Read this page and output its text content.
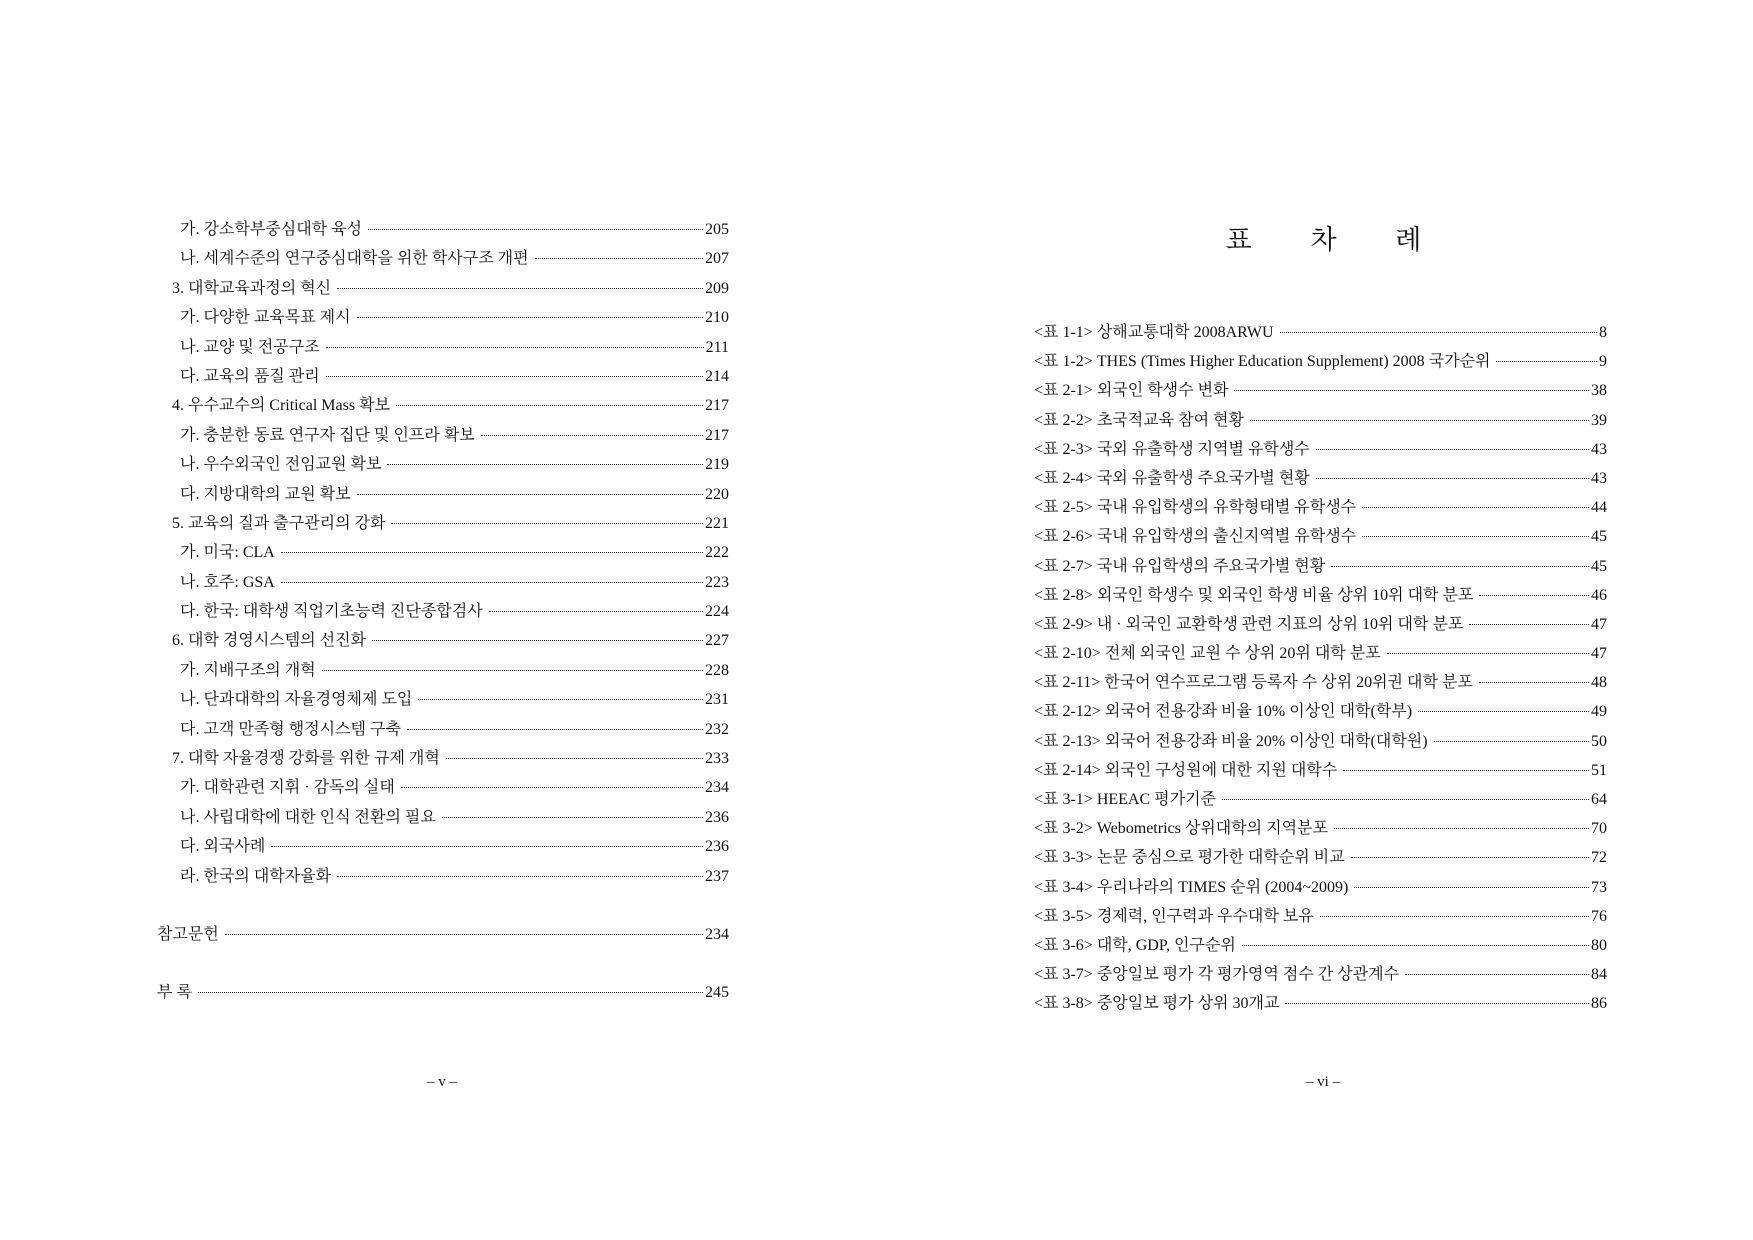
가. 강소학부중심대학 육성	205
나. 세계수준의 연구중심대학을 위한 학사구조 개편	207
3. 대학교육과정의 혁신	209
가. 다양한 교육목표 제시	210
나. 교양 및 전공구조	211
다. 교육의 품질 관리	214
4. 우수교수의 Critical Mass 확보	217
가. 충분한 동료 연구자 집단 및 인프라 확보	217
나. 우수외국인 전임교원 확보	219
다. 지방대학의 교원 확보	220
5. 교육의 질과 출구관리의 강화	221
가. 미국: CLA	222
나. 호주: GSA	223
다. 한국: 대학생 직업기초능력 진단종합검사	224
6. 대학 경영시스템의 선진화	227
가. 지배구조의 개혁	228
나. 단과대학의 자율경영체제 도입	231
다. 고객 만족형 행정시스템 구축	232
7. 대학 자율경쟁 강화를 위한 규제 개혁	233
가. 대학관련 지휘 · 감독의 실태	234
나. 사립대학에 대한 인식 전환의 필요	236
다. 외국사례	236
라. 한국의 대학자율화	237
참고문헌	234
부 록	245
– v –
표 차 례
<표 1-1> 상해교통대학 2008ARWU	8
<표 1-2> THES (Times Higher Education Supplement) 2008 국가순위	9
<표 2-1> 외국인 학생수 변화	38
<표 2-2> 초국적교육 참여 현황	39
<표 2-3> 국외 유출학생 지역별 유학생수	43
<표 2-4> 국외 유출학생 주요국가별 현황	43
<표 2-5> 국내 유입학생의 유학형태별 유학생수	44
<표 2-6> 국내 유입학생의 출신지역별 유학생수	45
<표 2-7> 국내 유입학생의 주요국가별 현황	45
<표 2-8> 외국인 학생수 및 외국인 학생 비율 상위 10위 대학 분포	46
<표 2-9> 내 · 외국인 교환학생 관련 지표의 상위 10위 대학 분포	47
<표 2-10> 전체 외국인 교원 수 상위 20위 대학 분포	47
<표 2-11> 한국어 연수프로그램 등록자 수 상위 20위권 대학 분포	48
<표 2-12> 외국어 전용강좌 비율 10% 이상인 대학(학부)	49
<표 2-13> 외국어 전용강좌 비율 20% 이상인 대학(대학원)	50
<표 2-14> 외국인 구성원에 대한 지원 대학수	51
<표 3-1> HEEAC 평가기준	64
<표 3-2> Webometrics 상위대학의 지역분포	70
<표 3-3> 논문 중심으로 평가한 대학순위 비교	72
<표 3-4> 우리나라의 TIMES 순위 (2004~2009)	73
<표 3-5> 경제력, 인구력과 우수대학 보유	76
<표 3-6> 대학, GDP, 인구순위	80
<표 3-7> 중앙일보 평가 각 평가영역 점수 간 상관계수	84
<표 3-8> 중앙일보 평가 상위 30개교	86
– vi –
